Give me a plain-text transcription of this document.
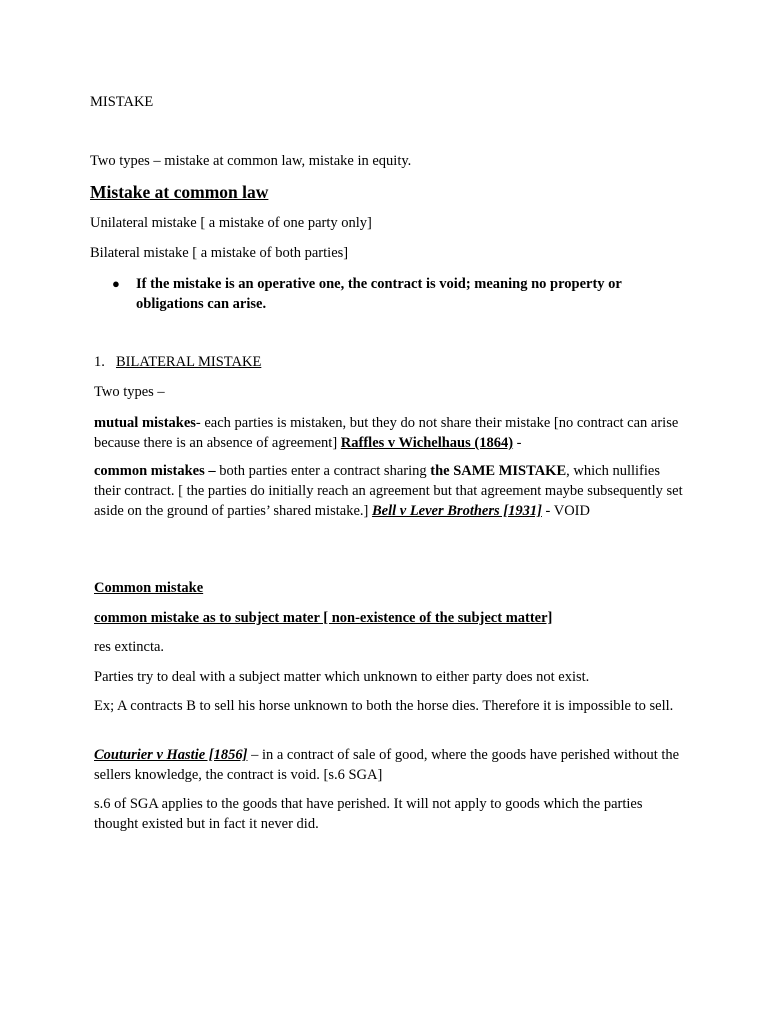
MISTAKE

Two types – mistake at common law, mistake in equity.

Mistake at common law

Unilateral mistake [ a mistake of one party only]

Bilateral mistake [ a mistake of both parties]

●	If the mistake is an operative one, the contract is void; meaning no property or obligations can arise.

1. BILATERAL MISTAKE

Two types –

mutual mistakes- each parties is mistaken, but they do not share their mistake [no contract can arise because there is an absence of agreement] Raffles v Wichelhaus (1864) -

common mistakes – both parties enter a contract sharing the SAME MISTAKE, which nullifies their contract. [ the parties do initially reach an agreement but that agreement maybe subsequently set aside on the ground of parties’ shared mistake.] Bell v Lever Brothers [1931] - VOID

Common mistake

common mistake as to subject mater [ non-existence of the subject matter]

res extincta.

Parties try to deal with a subject matter which unknown to either party does not exist.

Ex; A contracts B to sell his horse unknown to both the horse dies. Therefore it is impossible to sell.

Couturier v Hastie [1856] – in a contract of sale of good, where the goods have perished without the sellers knowledge, the contract is void. [s.6 SGA]

s.6 of SGA applies to the goods that have perished. It will not apply to goods which the parties thought existed but in fact it never did.
